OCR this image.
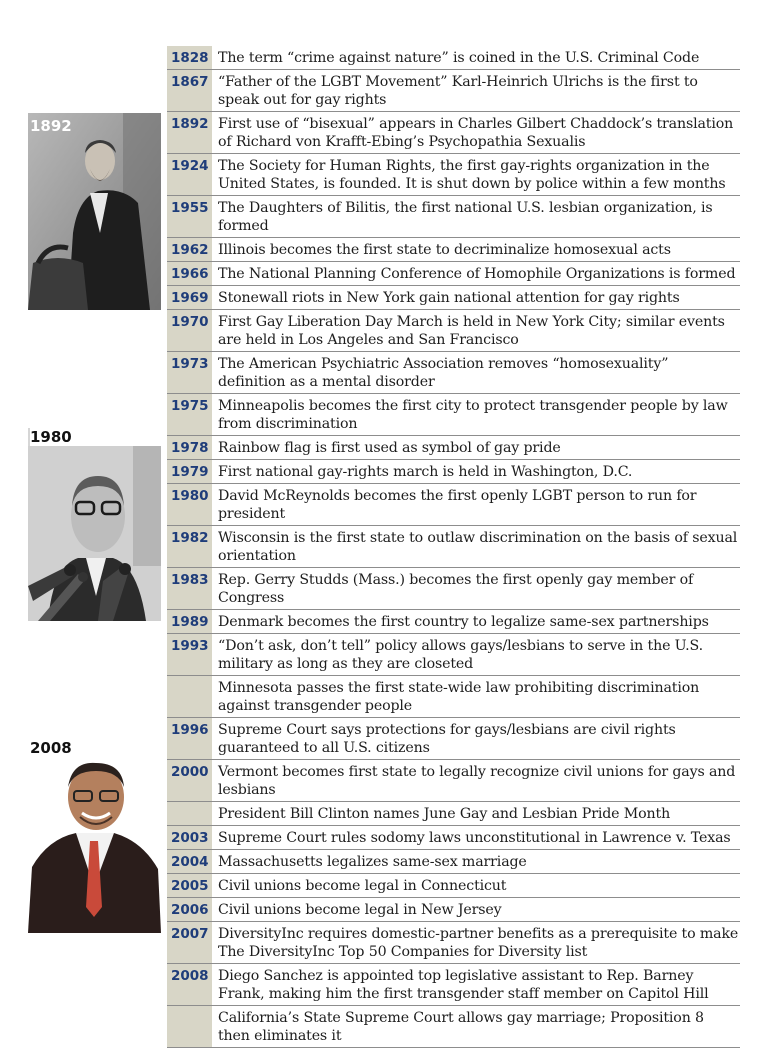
1892
1980
2008
1828 The term “crime against nature” is coined in the U.S. Criminal Code
1867 “Father of the LGBT Movement” Karl-Heinrich Ulrichs is the first to speak out for gay rights
1892 First use of “bisexual” appears in Charles Gilbert Chaddock’s translation of Richard von Krafft-Ebing’s Psychopathia Sexualis
1924 The Society for Human Rights, the first gay-rights organization in the United States, is founded. It is shut down by police within a few months
1955 The Daughters of Bilitis, the first national U.S. lesbian organization, is formed
1962 Illinois becomes the first state to decriminalize homosexual acts
1966 The National Planning Conference of Homophile Organizations is formed
1969 Stonewall riots in New York gain national attention for gay rights
1970 First Gay Liberation Day March is held in New York City; similar events are held in Los Angeles and San Francisco
1973 The American Psychiatric Association removes “homosexuality” definition as a mental disorder
1975 Minneapolis becomes the first city to protect transgender people by law from discrimination
1978 Rainbow flag is first used as symbol of gay pride
1979 First national gay-rights march is held in Washington, D.C.
1980 David McReynolds becomes the first openly LGBT person to run for president
1982 Wisconsin is the first state to outlaw discrimination on the basis of sexual orientation
1983 Rep. Gerry Studds (Mass.) becomes the first openly gay member of Congress
1989 Denmark becomes the first country to legalize same-sex partnerships
1993 “Don’t ask, don’t tell” policy allows gays/lesbians to serve in the U.S. military as long as they are closeted
Minnesota passes the first state-wide law prohibiting discrimination against transgender people
1996 Supreme Court says protections for gays/lesbians are civil rights guaranteed to all U.S. citizens
2000 Vermont becomes first state to legally recognize civil unions for gays and lesbians
President Bill Clinton names June Gay and Lesbian Pride Month
2003 Supreme Court rules sodomy laws unconstitutional in Lawrence v. Texas
2004 Massachusetts legalizes same-sex marriage
2005 Civil unions become legal in Connecticut
2006 Civil unions become legal in New Jersey
2007 DiversityInc requires domestic-partner benefits as a prerequisite to make The DiversityInc Top 50 Companies for Diversity list
2008 Diego Sanchez is appointed top legislative assistant to Rep. Barney Frank, making him the first transgender staff member on Capitol Hill
California’s State Supreme Court allows gay marriage; Proposition 8 then eliminates it
